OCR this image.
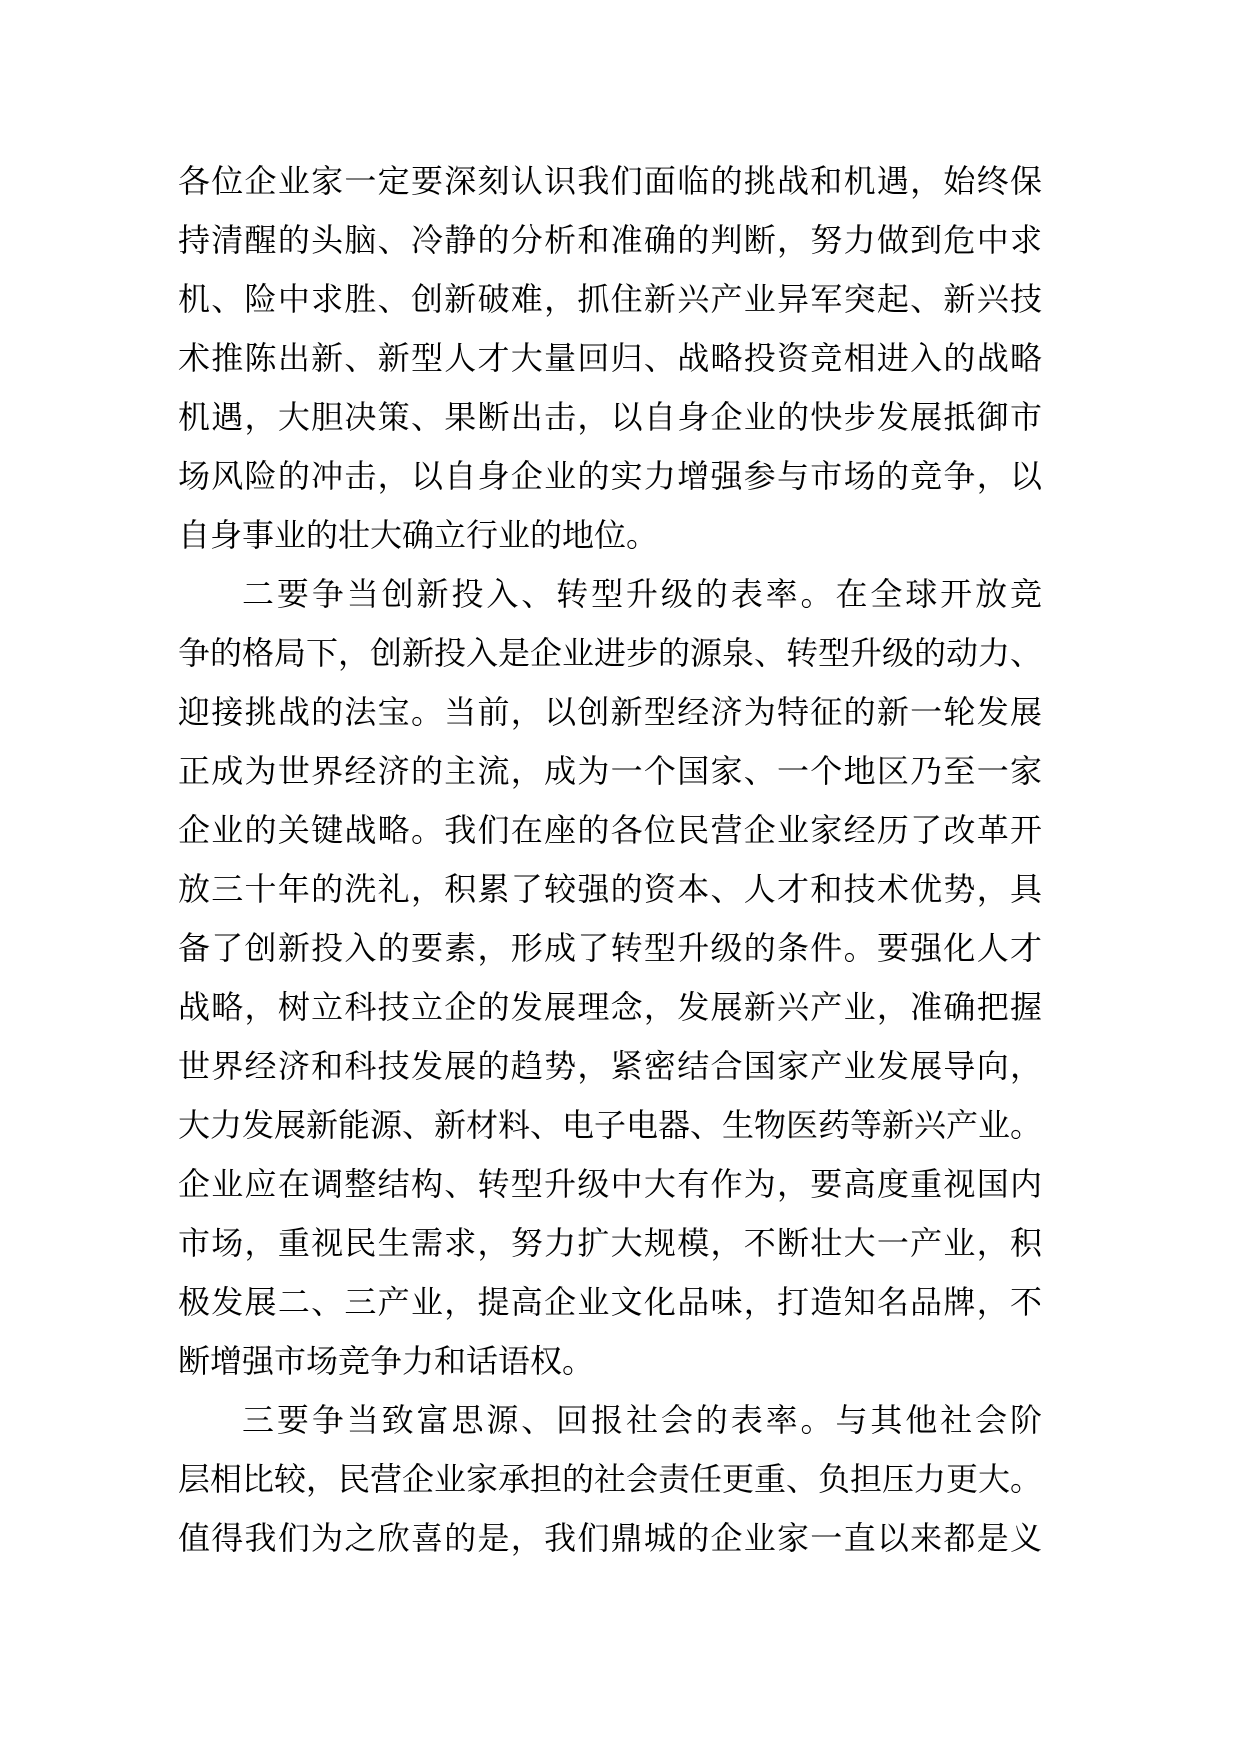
各位企业家一定要深刻认识我们面临的挑战和机遇，始终保
持清醒的头脑、冷静的分析和准确的判断，努力做到危中求
机、险中求胜、创新破难，抓住新兴产业异军突起、新兴技
术推陈出新、新型人才大量回归、战略投资竞相进入的战略
机遇，大胆决策、果断出击，以自身企业的快步发展抵御市
场风险的冲击，以自身企业的实力增强参与市场的竞争，以
自身事业的壮大确立行业的地位。
二要争当创新投入、转型升级的表率。在全球开放竞
争的格局下，创新投入是企业进步的源泉、转型升级的动力、
迎接挑战的法宝。当前，以创新型经济为特征的新一轮发展
正成为世界经济的主流，成为一个国家、一个地区乃至一家
企业的关键战略。我们在座的各位民营企业家经历了改革开
放三十年的洗礼，积累了较强的资本、人才和技术优势，具
备了创新投入的要素，形成了转型升级的条件。要强化人才
战略，树立科技立企的发展理念，发展新兴产业，准确把握
世界经济和科技发展的趋势，紧密结合国家产业发展导向，
大力发展新能源、新材料、电子电器、生物医药等新兴产业。
企业应在调整结构、转型升级中大有作为，要高度重视国内
市场，重视民生需求，努力扩大规模，不断壮大一产业，积
极发展二、三产业，提高企业文化品味，打造知名品牌，不
断增强市场竞争力和话语权。
三要争当致富思源、回报社会的表率。与其他社会阶
层相比较，民营企业家承担的社会责任更重、负担压力更大。
值得我们为之欣喜的是，我们鼎城的企业家一直以来都是义
